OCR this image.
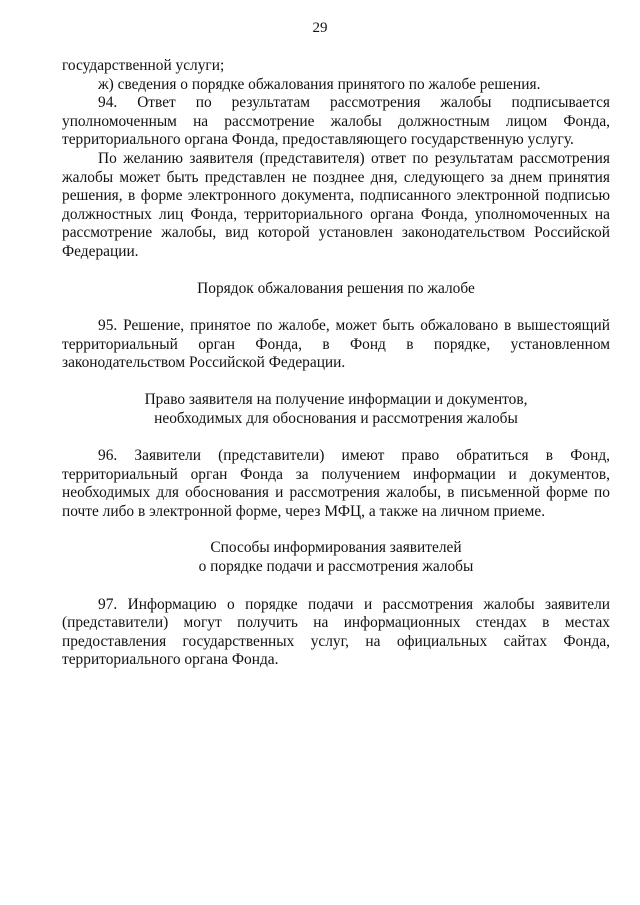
29
государственной услуги;
ж) сведения о порядке обжалования принятого по жалобе решения.
94. Ответ по результатам рассмотрения жалобы подписывается
уполномоченным на рассмотрение жалобы должностным лицом Фонда,
территориального органа Фонда, предоставляющего государственную услугу.
По желанию заявителя (представителя) ответ по результатам рассмотрения
жалобы может быть представлен не позднее дня, следующего за днем принятия
решения, в форме электронного документа, подписанного электронной подписью
должностных лиц Фонда, территориального органа Фонда, уполномоченных на
рассмотрение жалобы, вид которой установлен законодательством Российской
Федерации.
Порядок обжалования решения по жалобе
95. Решение, принятое по жалобе, может быть обжаловано в вышестоящий
территориальный орган Фонда, в Фонд в порядке, установленном
законодательством Российской Федерации.
Право заявителя на получение информации и документов,
необходимых для обоснования и рассмотрения жалобы
96. Заявители (представители) имеют право обратиться в Фонд,
территориальный орган Фонда за получением информации и документов,
необходимых для обоснования и рассмотрения жалобы, в письменной форме по
почте либо в электронной форме, через МФЦ, а также на личном приеме.
Способы информирования заявителей
о порядке подачи и рассмотрения жалобы
97. Информацию о порядке подачи и рассмотрения жалобы заявители
(представители) могут получить на информационных стендах в местах
предоставления государственных услуг, на официальных сайтах Фонда,
территориального органа Фонда.
